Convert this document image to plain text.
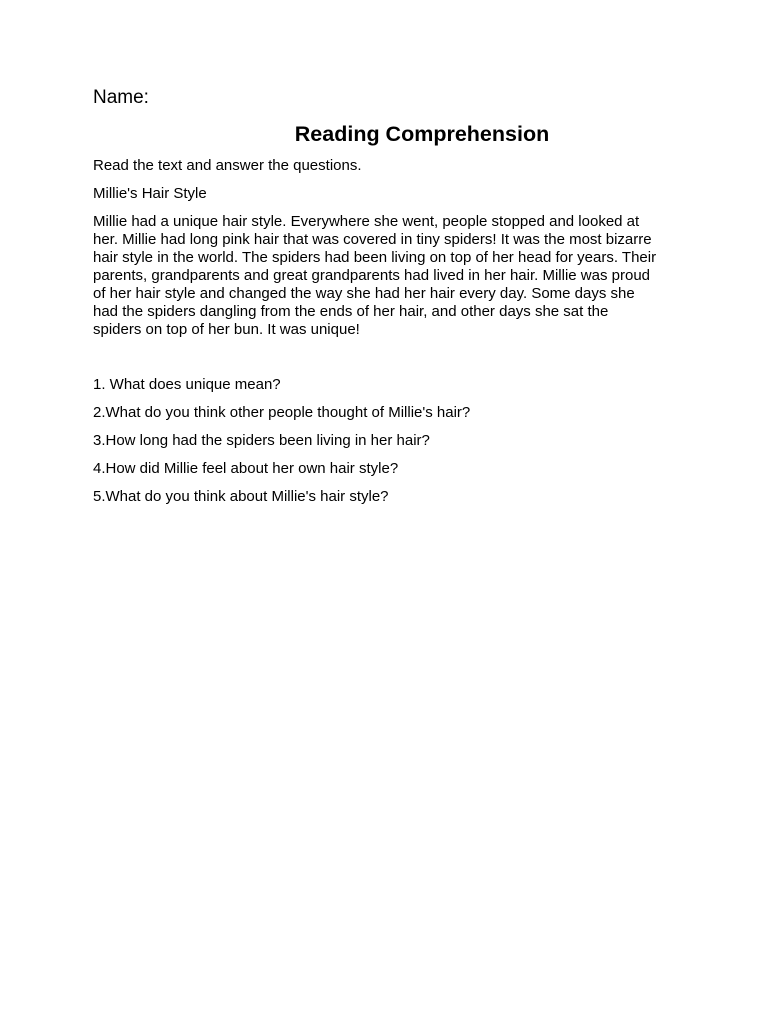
Name:
Reading Comprehension
Read the text and answer the questions.
Millie's Hair Style
Millie had a unique hair style. Everywhere she went, people stopped and looked at
her. Millie had long pink hair that was covered in tiny spiders! It was the most bizarre
hair style in the world. The spiders had been living on top of her head for years. Their
parents, grandparents and great grandparents had lived in her hair. Millie was proud
of her hair style and changed the way she had her hair every day. Some days she
had the spiders dangling from the ends of her hair, and other days she sat the
spiders on top of her bun. It was unique!
1. What does unique mean?
2.What do you think other people thought of Millie's hair?
3.How long had the spiders been living in her hair?
4.How did Millie feel about her own hair style?
5.What do you think about Millie's hair style?
